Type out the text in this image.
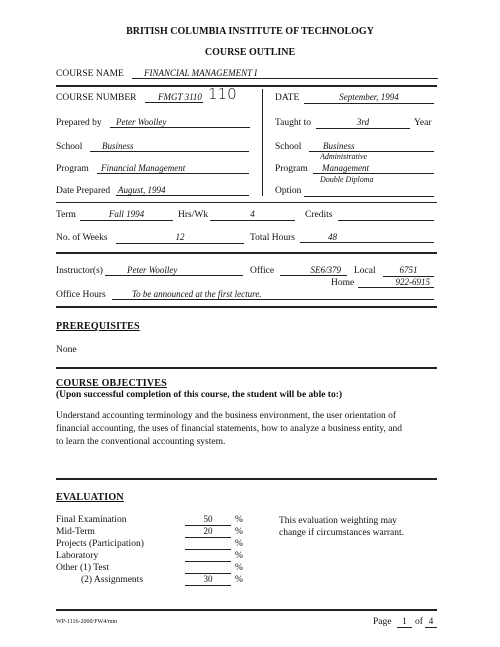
BRITISH COLUMBIA INSTITUTE OF TECHNOLOGY
COURSE OUTLINE
COURSE NAME	FINANCIAL MANAGEMENT I
COURSE NUMBER	FMGT 3110 110	DATE	September, 1994
Prepared by	Peter Woolley	Taught to	3rd	Year
School	Business	School	Business
Administrative
Program	Financial Management	Program	Management
Double Diploma
Date Prepared August, 1994	Option
Term	Fall 1994	Hrs/Wk	4	Credits
No. of Weeks	12	Total Hours	48
Instructor(s)	Peter Woolley	Office	SE6/379	Local	6751
Home	922-6915
Office Hours	To be announced at the first lecture.
PREREQUISITES
None
COURSE OBJECTIVES
(Upon successful completion of this course, the student will be able to:)
Understand accounting terminology and the business environment, the user orientation of
financial accounting, the uses of financial statements, how to analyze a business entity, and
to learn the conventional accounting system.
EVALUATION
Final Examination	50	%
Mid-Term	20	%
Projects (Participation)	%
Laboratory	%
Other (1) Test	%
(2) Assignments	30	%
This evaluation weighting may
change if circumstances warrant.
WP-1116-2000/FW4/mm	Page	1 of 4
